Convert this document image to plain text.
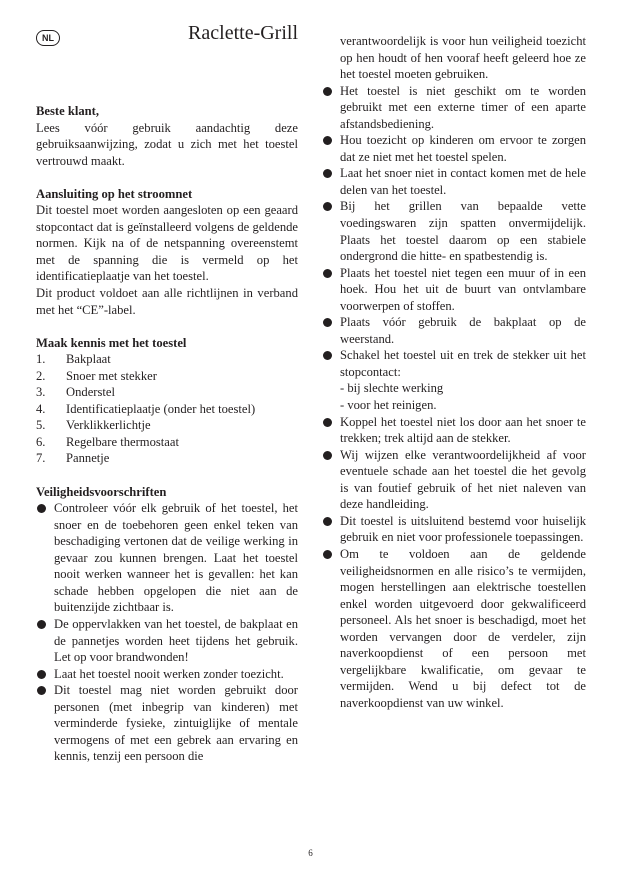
NL	Raclette-Grill
Beste klant,

Lees vóór gebruik aandachtig deze gebruiksaanwijzing, zodat u zich met het toestel vertrouwd maakt.

Aansluiting op het stroomnet

Dit toestel moet worden aangesloten op een geaard stopcontact dat is geïnstalleerd volgens de geldende normen. Kijk na of de netspanning overeenstemt met de spanning die is vermeld op het identificatieplaatje van het toestel.

Dit product voldoet aan alle richtlijnen in verband met het “CE”-label.

Maak kennis met het toestel
1.	Bakplaat
2.	Snoer met stekker
3.	Onderstel
4.	Identificatieplaatje (onder het toestel)
5.	Verklikkerlichtje
6.	Regelbare thermostaat
7.	Pannetje
Veiligheidsvoorschriften
Controleer vóór elk gebruik of het toestel, het snoer en de toebehoren geen enkel teken van beschadiging vertonen dat de veilige werking in gevaar zou kunnen brengen. Laat het toestel nooit werken wanneer het is gevallen: het kan schade hebben opgelopen die niet aan de buitenzijde zichtbaar is.
De oppervlakken van het toestel, de bakplaat en de pannetjes worden heet tijdens het gebruik. Let op voor brandwonden!
Laat het toestel nooit werken zonder toezicht.
Dit toestel mag niet worden gebruikt door personen (met inbegrip van kinderen) met verminderde fysieke, zintuiglijke of mentale vermogens of met een gebrek aan ervaring en kennis, tenzij een persoon die
verantwoordelijk is voor hun veiligheid toezicht op hen houdt of hen vooraf heeft geleerd hoe ze het toestel moeten gebruiken.
Het toestel is niet geschikt om te worden gebruikt met een externe timer of een aparte afstandsbediening.
Hou toezicht op kinderen om ervoor te zorgen dat ze niet met het toestel spelen.
Laat het snoer niet in contact komen met de hele delen van het toestel.
Bij het grillen van bepaalde vette voedingswaren zijn spatten onvermijdelijk. Plaats het toestel daarom op een stabiele ondergrond die hitte- en spatbestendig is.
Plaats het toestel niet tegen een muur of in een hoek. Hou het uit de buurt van ontvlambare voorwerpen of stoffen.
Plaats vóór gebruik de bakplaat op de weerstand.
Schakel het toestel uit en trek de stekker uit het stopcontact:
- bij slechte werking
- voor het reinigen.
Koppel het toestel niet los door aan het snoer te trekken; trek altijd aan de stekker.
Wij wijzen elke verantwoordelijkheid af voor eventuele schade aan het toestel die het gevolg is van foutief gebruik of het niet naleven van deze handleiding.
Dit toestel is uitsluitend bestemd voor huiselijk gebruik en niet voor professionele toepassingen.
Om te voldoen aan de geldende veiligheidsnormen en alle risico’s te vermijden, mogen herstellingen aan elektrische toestellen enkel worden uitgevoerd door gekwalificeerd personeel. Als het snoer is beschadigd, moet het worden vervangen door de verdeler, zijn naverkoopdienst of een persoon met vergelijkbare kwalificatie, om gevaar te vermijden. Wend u bij defect tot de naverkoopdienst van uw winkel.
6
